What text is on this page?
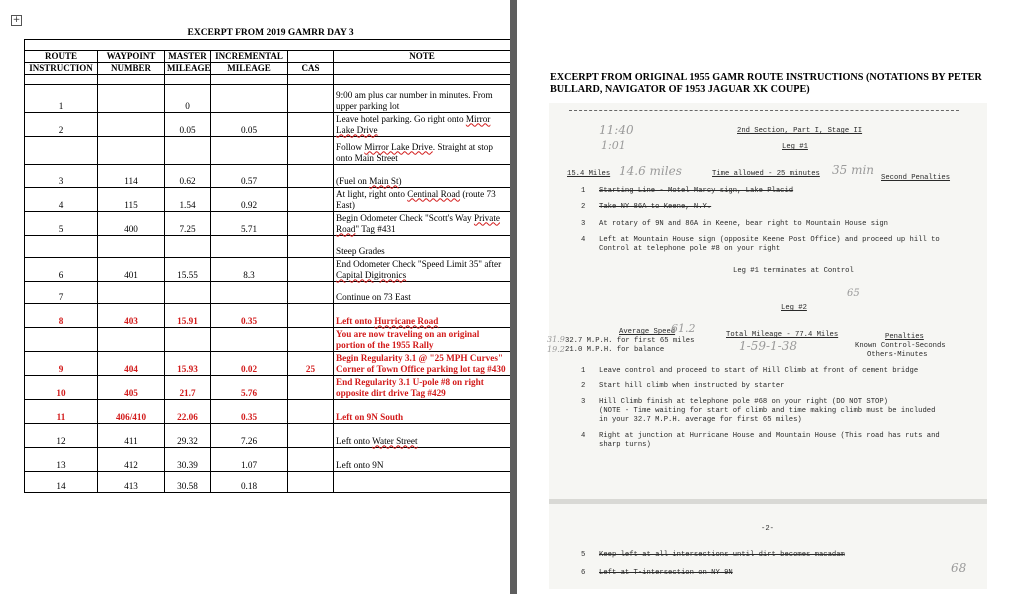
+
	EXCERPT FROM 2019 GAMRR DAY 3				

ROUTE	WAYPOINT	MASTER	INCREMENTAL		NOTE
INSTRUCTION	NUMBER	MILEAGE	MILEAGE	CAS	

1		0			9:00 am plus car number in minutes. From upper parking lot
2		0.05	0.05		Leave hotel parking. Go right onto Mirror Lake Drive
					Follow Mirror Lake Drive. Straight at stop onto Main Street
3	114	0.62	0.57		(Fuel on Main St)
4	115	1.54	0.92		At light, right onto Centinal Road (route 73 East)
5	400	7.25	5.71		Begin Odometer Check "Scott's Way Private Road" Tag #431
					Steep Grades
6	401	15.55	8.3		End Odometer Check "Speed Limit 35" after Capital Digitronics
7					Continue on 73 East
8	403	15.91	0.35		Left onto Hurricane Road
					You are now traveling on an original portion of the 1955 Rally
9	404	15.93	0.02	25	Begin Regularity 3.1 @ "25 MPH Curves" Corner of Town Office parking lot tag #430
10	405	21.7	5.76		End Regularity 3.1 U-pole #8 on right opposite dirt drive Tag #429
11	406/410	22.06	0.35		Left on 9N South
12	411	29.32	7.26		Left onto Water Street
13	412	30.39	1.07		Left onto 9N
14	413	30.58	0.18		
EXCERPT FROM ORIGINAL 1955 GAMR ROUTE INSTRUCTIONS (NOTATIONS BY PETER BULLARD, NAVIGATOR OF 1953 JAGUAR XK COUPE)
11:40
1:01
2nd Section, Part I, Stage II
Leg #1
15.4 Miles 14.6 miles	Time allowed - 25 minutes 35 min
Second Penalties
1 Starting Line - Motel Marcy sign, Lake Placid
2 Take NY 86A to Keene, N.Y.
3 At rotary of 9N and 86A in Keene, bear right to Mountain House sign
4 Left at Mountain House sign (opposite Keene Post Office) and proceed up hill to
Control at telephone pole #8 on your right
Leg #1 terminates at Control
65
Leg #2
Average Speed
61.2
31.9
19.2
32.7 M.P.H. for first 65 miles
21.0 M.P.H. for balance
Total Mileage - 77.4 Miles
1-59-1-38
Penalties
Known Control-Seconds
Others-Minutes
1 Leave control and proceed to start of Hill Climb at front of cement bridge
2 Start hill climb when instructed by starter
3 Hill Climb finish at telephone pole #68 on your right (DO NOT STOP)
(NOTE - Time waiting for start of climb and time making climb must be included
in your 32.7 M.P.H. average for first 65 miles)
4 Right at junction at Hurricane House and Mountain House (This road has ruts and
sharp turns)
-2-
5 Keep left at all intersections until dirt becomes macadam
6 Left at T-intersection on NY 9N	68
